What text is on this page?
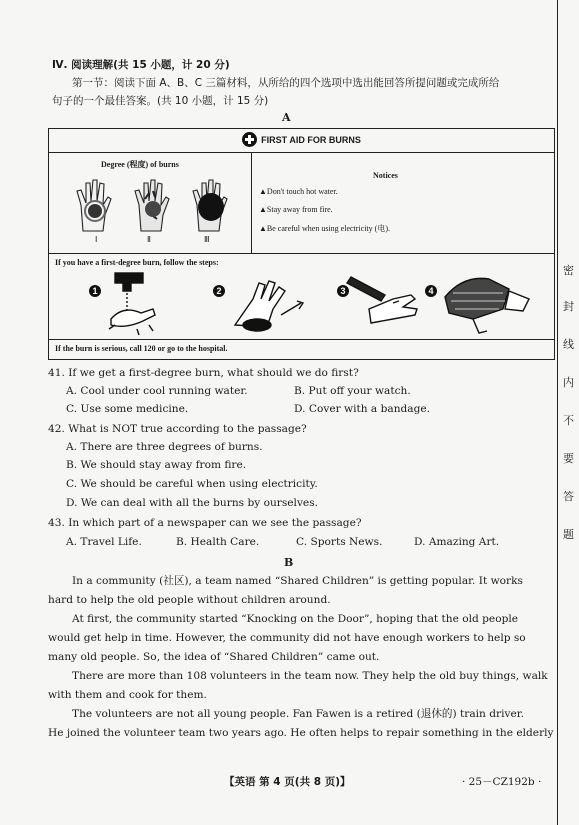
Ⅳ. 阅读理解(共 15 小题，计 20 分)
第一节：阅读下面 A、B、C 三篇材料，从所给的四个选项中选出能回答所提问题或完成所给
句子的一个最佳答案。(共 10 小题，计 15 分)
A
FIRST AID FOR BURNS
Degree (程度) of burns
Ⅰ	Ⅱ	Ⅲ
Notices
▲Don't touch hot water.
▲Stay away from fire.
▲Be careful when using electricity (电).
If you have a first-degree burn, follow the steps:
1	2	3	4
If the burn is serious, call 120 or go to the hospital.
41. If we get a first-degree burn, what should we do first?
A. Cool under cool running water.	B. Put off your watch.
C. Use some medicine.	D. Cover with a bandage.
42. What is NOT true according to the passage?
A. There are three degrees of burns.
B. We should stay away from fire.
C. We should be careful when using electricity.
D. We can deal with all the burns by ourselves.
43. In which part of a newspaper can we see the passage?
A. Travel Life.	B. Health Care.	C. Sports News.	D. Amazing Art.
B
In a community (社区), a team named “Shared Children” is getting popular. It works
hard to help the old people without children around.
At first, the community started “Knocking on the Door”, hoping that the old people
would get help in time. However, the community did not have enough workers to help so
many old people. So, the idea of “Shared Children” came out.
There are more than 108 volunteers in the team now. They help the old buy things, walk
with them and cook for them.
The volunteers are not all young people. Fan Fawen is a retired (退休的) train driver.
He joined the volunteer team two years ago. He often helps to repair something in the elderly
【英语 第 4 页(共 8 页)】	· 25－CZ192b ·
密
封
线
内
不
要
答
题
